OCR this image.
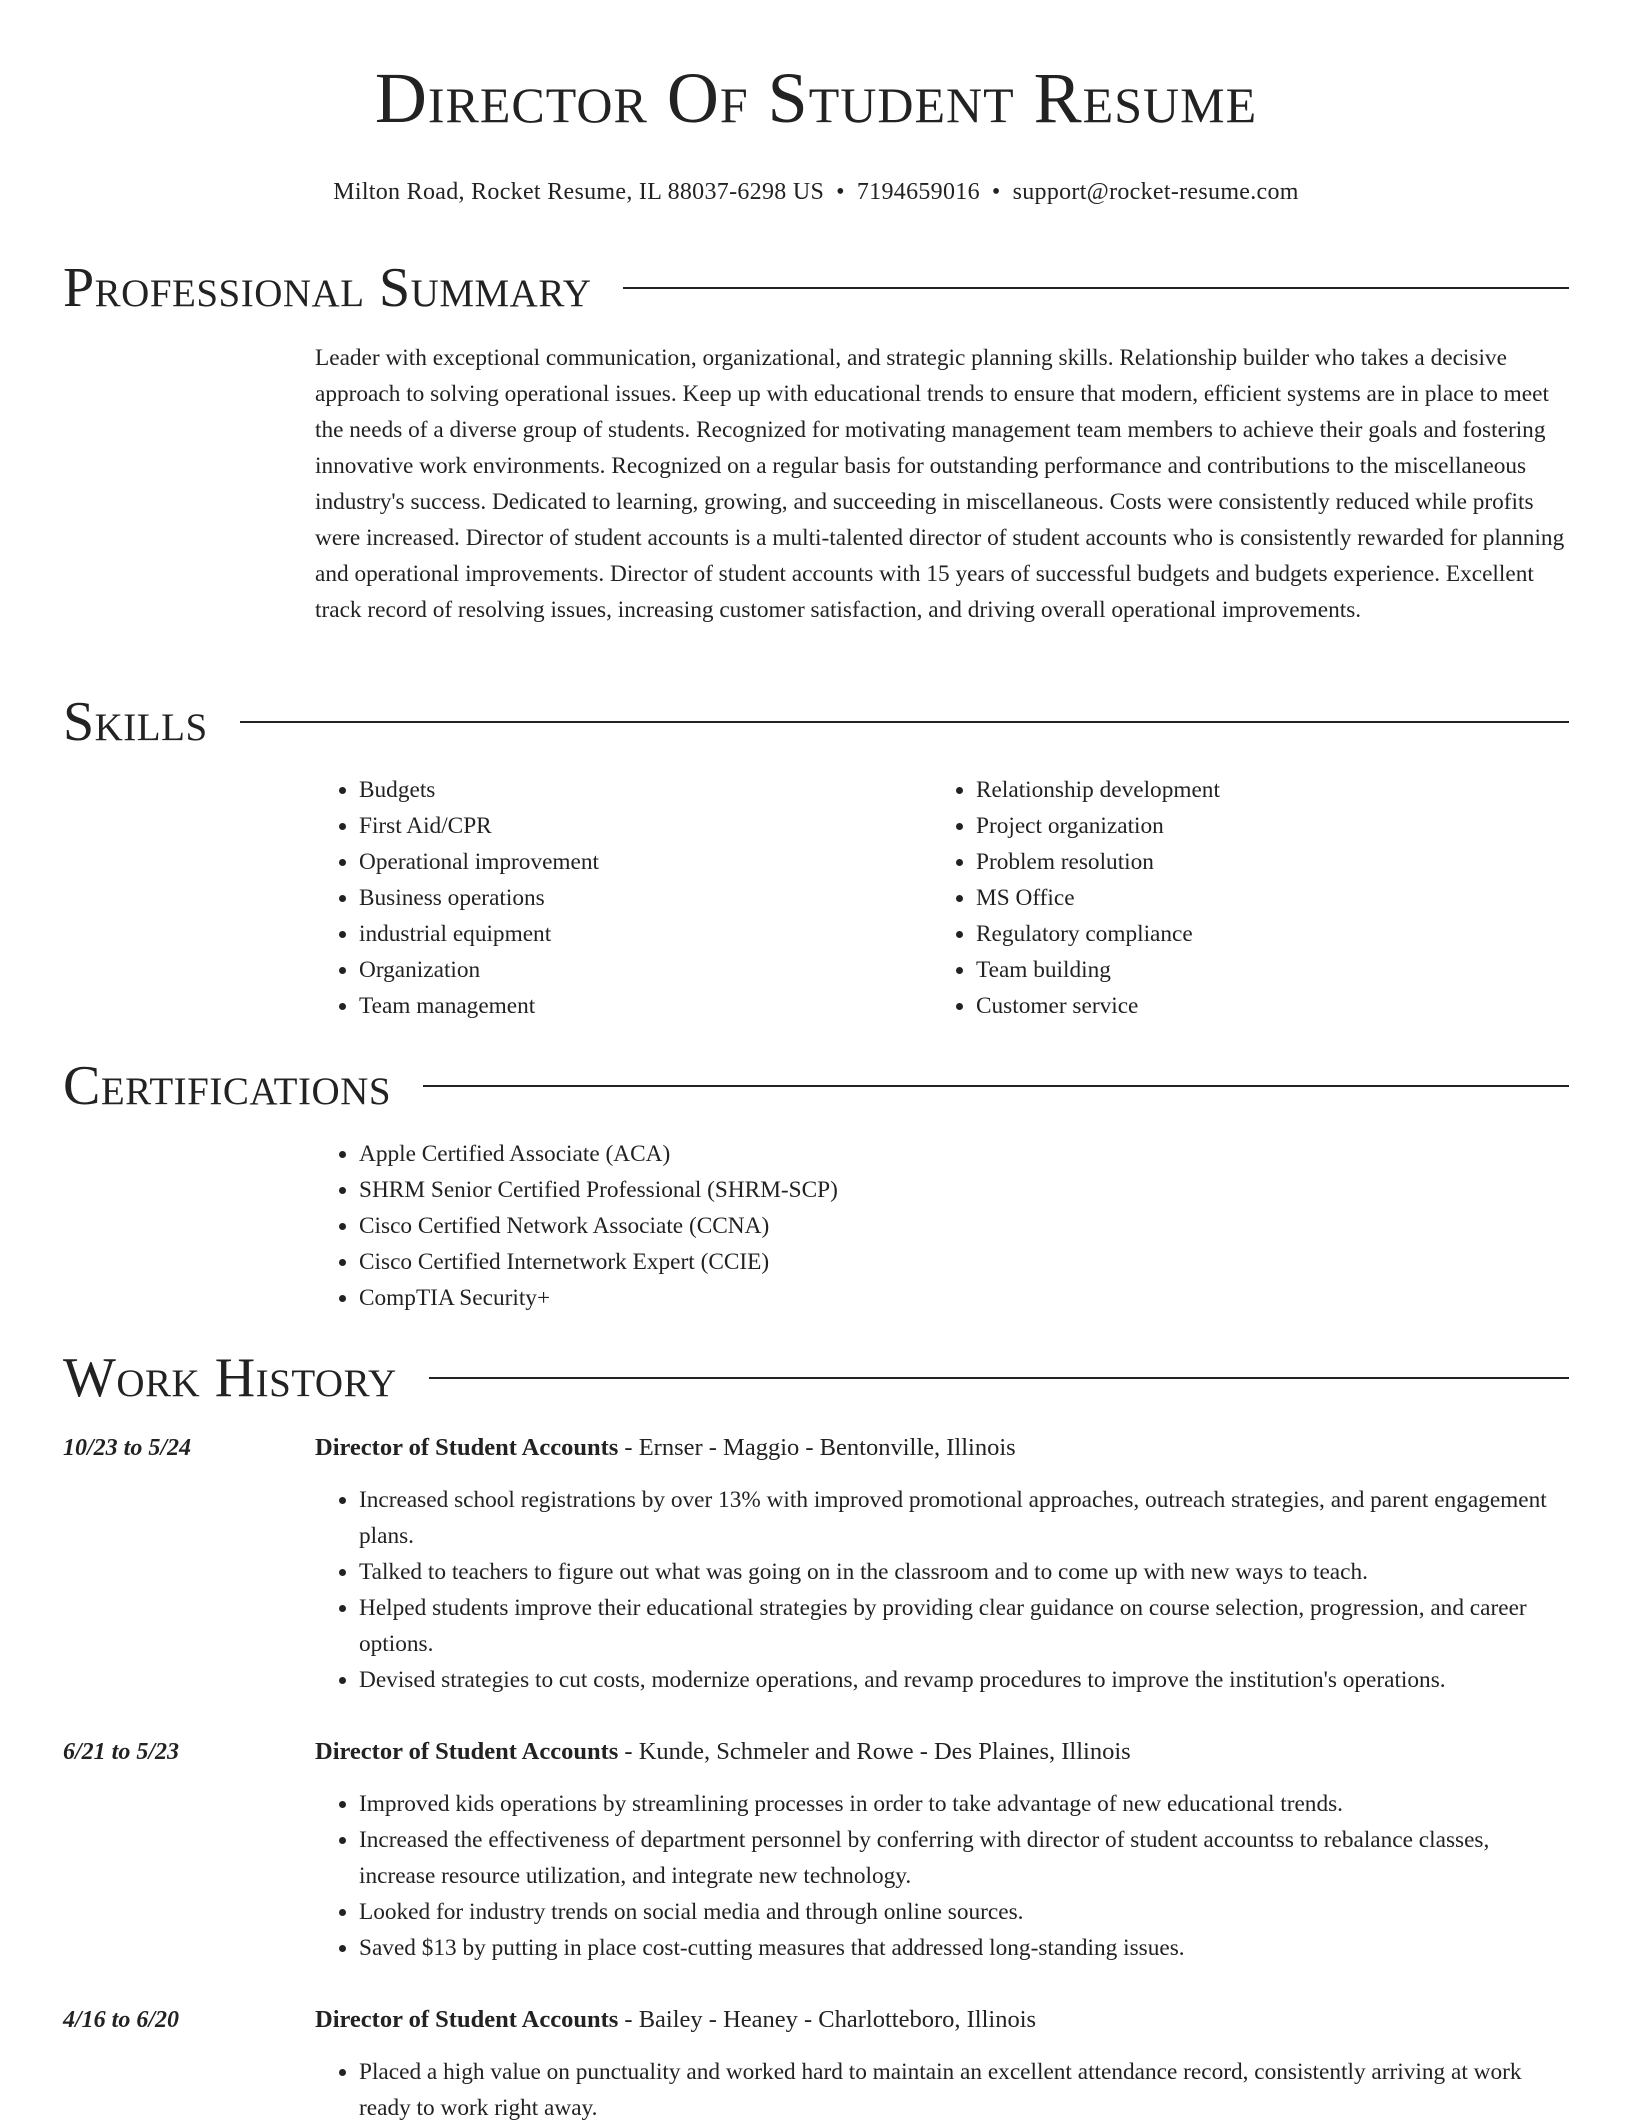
Director Of Student Resume
Milton Road, Rocket Resume, IL 88037-6298 US • 7194659016 • support@rocket-resume.com
Professional Summary
Leader with exceptional communication, organizational, and strategic planning skills. Relationship builder who takes a decisive approach to solving operational issues. Keep up with educational trends to ensure that modern, efficient systems are in place to meet the needs of a diverse group of students. Recognized for motivating management team members to achieve their goals and fostering innovative work environments. Recognized on a regular basis for outstanding performance and contributions to the miscellaneous industry's success. Dedicated to learning, growing, and succeeding in miscellaneous. Costs were consistently reduced while profits were increased. Director of student accounts is a multi-talented director of student accounts who is consistently rewarded for planning and operational improvements. Director of student accounts with 15 years of successful budgets and budgets experience. Excellent track record of resolving issues, increasing customer satisfaction, and driving overall operational improvements.
Skills
• Budgets
• First Aid/CPR
• Operational improvement
• Business operations
• industrial equipment
• Organization
• Team management
• Relationship development
• Project organization
• Problem resolution
• MS Office
• Regulatory compliance
• Team building
• Customer service
Certifications
• Apple Certified Associate (ACA)
• SHRM Senior Certified Professional (SHRM-SCP)
• Cisco Certified Network Associate (CCNA)
• Cisco Certified Internetwork Expert (CCIE)
• CompTIA Security+
Work History
10/23 to 5/24	Director of Student Accounts - Ernser - Maggio - Bentonville, Illinois
• Increased school registrations by over 13% with improved promotional approaches, outreach strategies, and parent engagement plans.
• Talked to teachers to figure out what was going on in the classroom and to come up with new ways to teach.
• Helped students improve their educational strategies by providing clear guidance on course selection, progression, and career options.
• Devised strategies to cut costs, modernize operations, and revamp procedures to improve the institution's operations.
6/21 to 5/23	Director of Student Accounts - Kunde, Schmeler and Rowe - Des Plaines, Illinois
• Improved kids operations by streamlining processes in order to take advantage of new educational trends.
• Increased the effectiveness of department personnel by conferring with director of student accountss to rebalance classes, increase resource utilization, and integrate new technology.
• Looked for industry trends on social media and through online sources.
• Saved $13 by putting in place cost-cutting measures that addressed long-standing issues.
4/16 to 6/20	Director of Student Accounts - Bailey - Heaney - Charlotteboro, Illinois
• Placed a high value on punctuality and worked hard to maintain an excellent attendance record, consistently arriving at work ready to work right away.
